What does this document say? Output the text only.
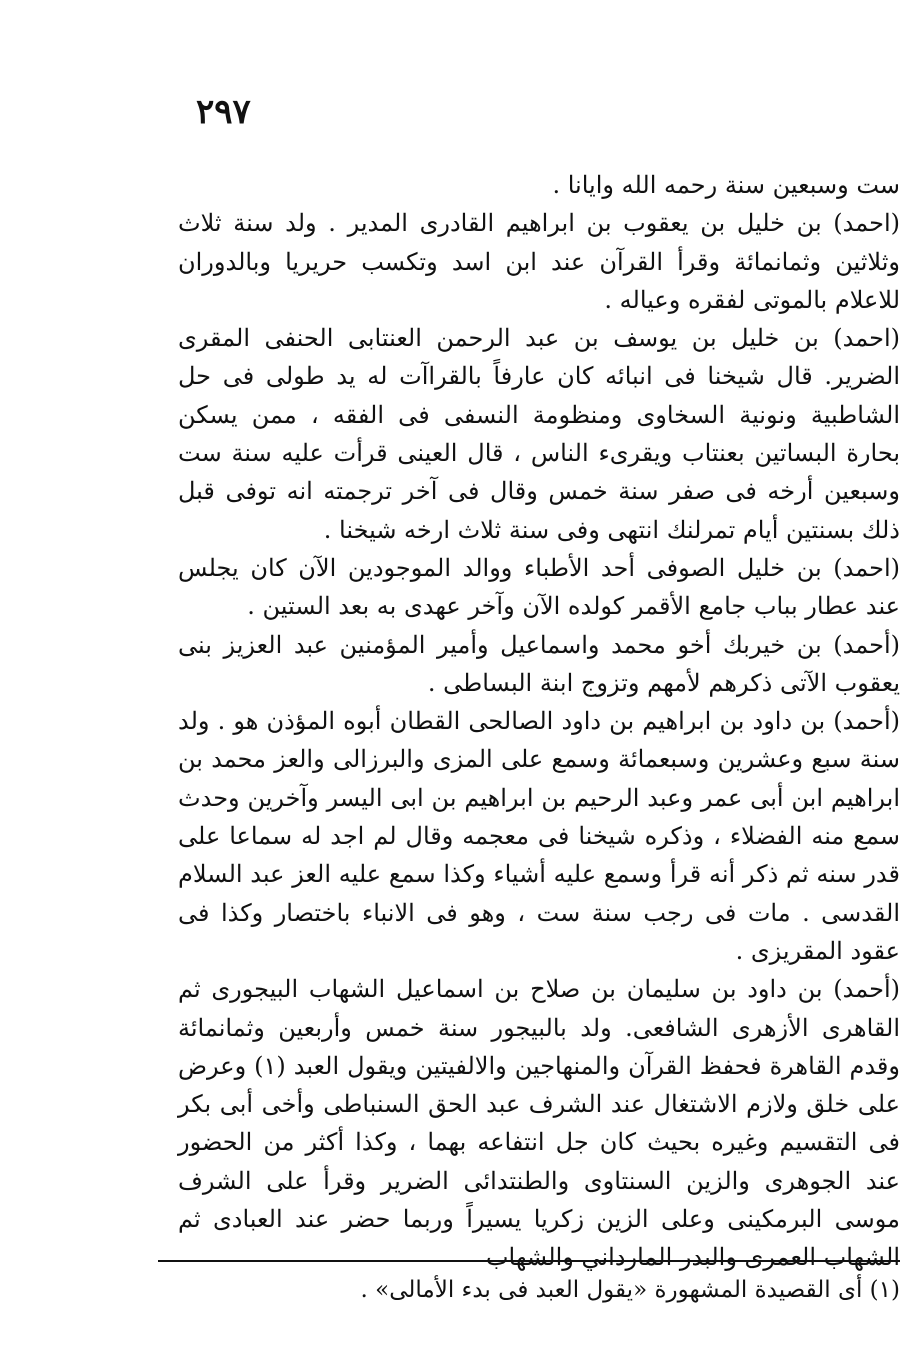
٢٩٧

ست وسبعين سنة رحمه الله وايانا .

(احمد) بن خليل بن يعقوب بن ابراهيم القادرى المدير . ولد سنة ثلاث وثلاثين وثمانمائة وقرأ القرآن عند ابن اسد وتكسب حريريا وبالدوران للاعلام بالموتى لفقره وعياله .

(احمد) بن خليل بن يوسف بن عبد الرحمن العنتابى الحنفى المقرى الضرير. قال شيخنا فى انبائه كان عارفاً بالقراآت له يد طولى فى حل الشاطبية ونونية السخاوى ومنظومة النسفى فى الفقه ، ممن يسكن بحارة البساتين بعنتاب ويقرىء الناس ، قال العينى قرأت عليه سنة ست وسبعين أرخه فى صفر سنة خمس وقال فى آخر ترجمته انه توفى قبل ذلك بسنتين أيام تمرلنك انتهى وفى سنة ثلاث ارخه شيخنا .

(احمد) بن خليل الصوفى أحد الأطباء ووالد الموجودين الآن كان يجلس عند عطار بباب جامع الأقمر كولده الآن وآخر عهدى به بعد الستين .

(أحمد) بن خيربك أخو محمد واسماعيل وأمير المؤمنين عبد العزيز بنى يعقوب الآتى ذكرهم لأمهم وتزوج ابنة البساطى .

(أحمد) بن داود بن ابراهيم بن داود الصالحى القطان أبوه المؤذن هو . ولد سنة سبع وعشرين وسبعمائة وسمع على المزى والبرزالى والعز محمد بن ابراهيم ابن أبى عمر وعبد الرحيم بن ابراهيم بن ابى اليسر وآخرين وحدث سمع منه الفضلاء ، وذكره شيخنا فى معجمه وقال لم اجد له سماعا على قدر سنه ثم ذكر أنه قرأ وسمع عليه أشياء وكذا سمع عليه العز عبد السلام القدسى . مات فى رجب سنة ست ، وهو فى الانباء باختصار وكذا فى عقود المقريزى .

(أحمد) بن داود بن سليمان بن صلاح بن اسماعيل الشهاب البيجورى ثم القاهرى الأزهرى الشافعى. ولد بالبيجور سنة خمس وأربعين وثمانمائة وقدم القاهرة فحفظ القرآن والمنهاجين والالفيتين ويقول العبد (١) وعرض على خلق ولازم الاشتغال عند الشرف عبد الحق السنباطى وأخى أبى بكر فى التقسيم وغيره بحيث كان جل انتفاعه بهما ، وكذا أكثر من الحضور عند الجوهرى والزين السنتاوى والطنتدائى الضرير وقرأ على الشرف موسى البرمكينى وعلى الزين زكريا يسيراً وربما حضر عند العبادى ثم الشهاب العمرى والبدر المارداني والشهاب

(١) أى القصيدة المشهورة «يقول العبد فى بدء الأمالى» .
